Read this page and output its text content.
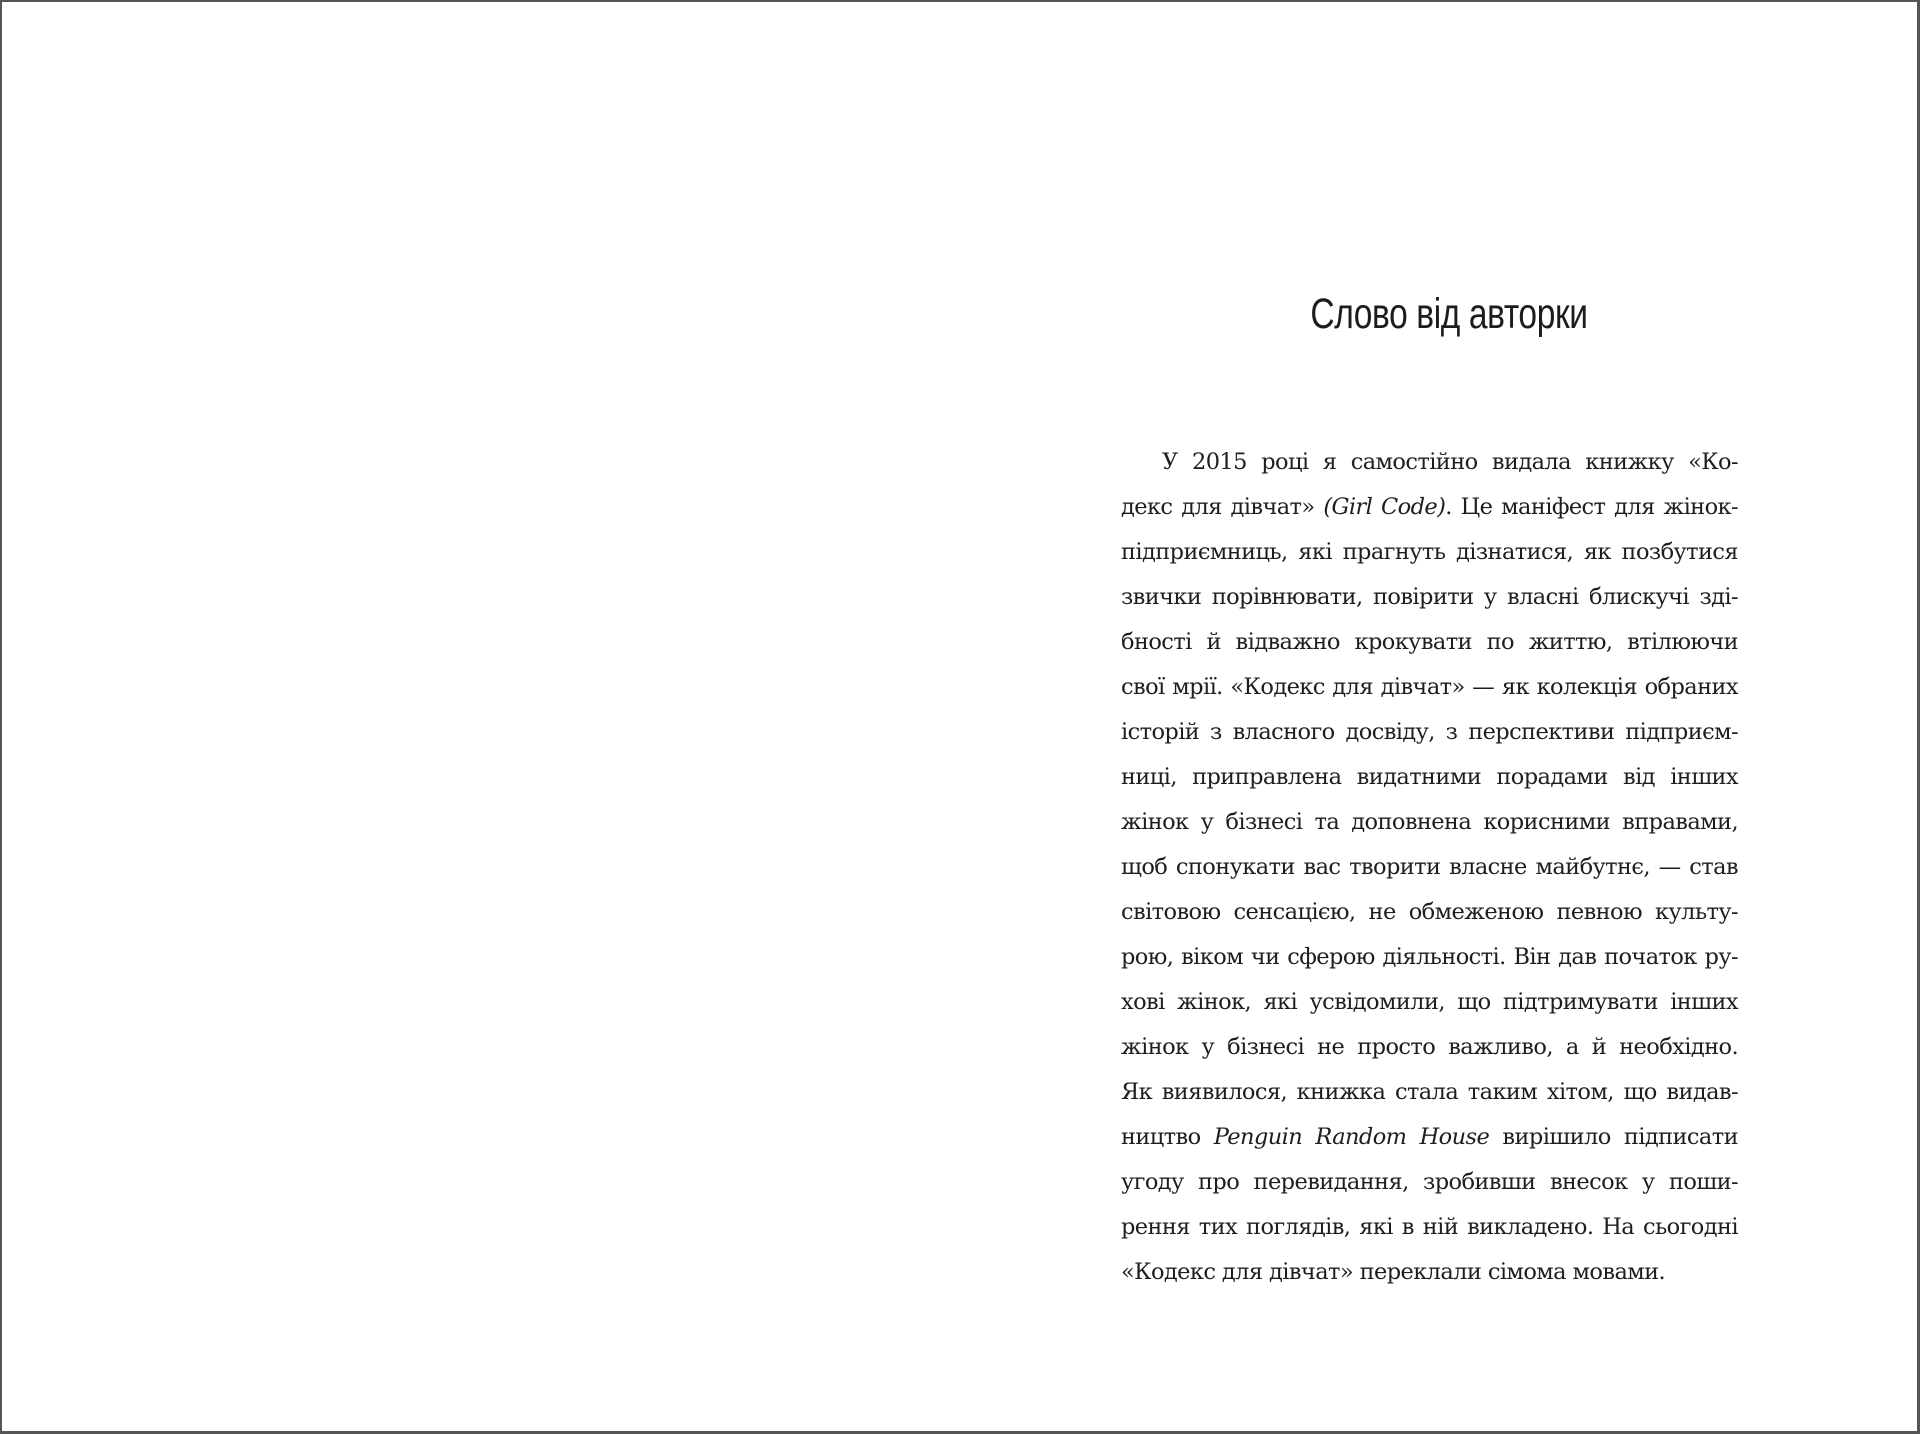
Слово від авторки
У 2015 році я самостійно видала книжку «Ко-
декс для дівчат» (Girl Code). Це маніфест для жінок-
підприємниць, які прагнуть дізнатися, як позбутися
звички порівнювати, повірити у власні блискучі зді-
бності й відважно крокувати по життю, втілюючи
свої мрії. «Кодекс для дівчат» — як колекція обраних
історій з власного досвіду, з перспективи підприєм-
ниці, приправлена видатними порадами від інших
жінок у бізнесі та доповнена корисними вправами,
щоб спонукати вас творити власне майбутнє, — став
світовою сенсацією, не обмеженою певною культу-
рою, віком чи сферою діяльності. Він дав початок ру-
хові жінок, які усвідомили, що підтримувати інших
жінок у бізнесі не просто важливо, а й необхідно.
Як виявилося, книжка стала таким хітом, що видав-
ництво Penguin Random House вирішило підписати
угоду про перевидання, зробивши внесок у поши-
рення тих поглядів, які в ній викладено. На сьогодні
«Кодекс для дівчат» переклали сімома мовами.
